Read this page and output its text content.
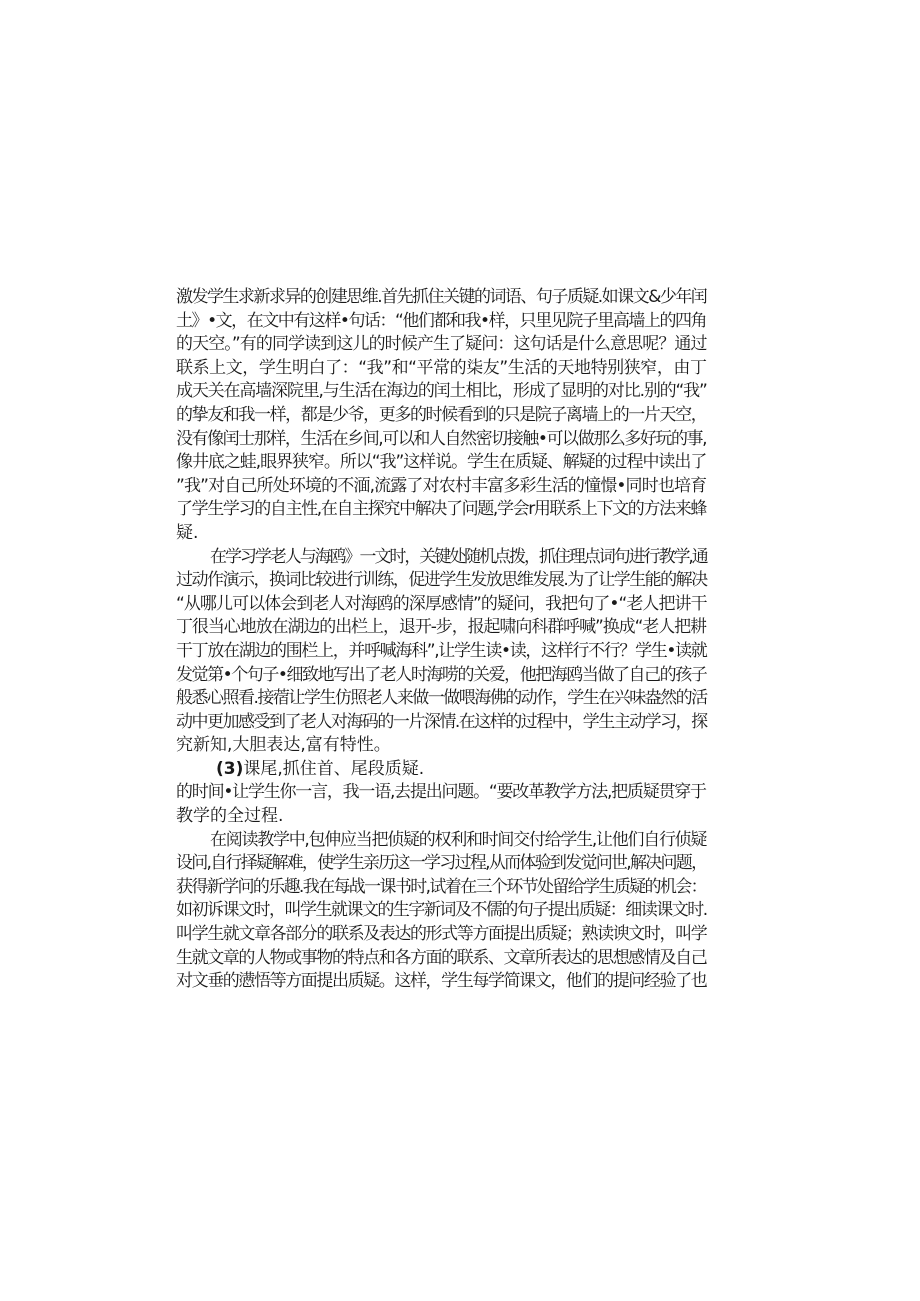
激发学生求新求异的创建思维.首先抓住关键的词语、句子质疑.如课文&少年闰
土》•文，在文中有这样•句话：“他们都和我•样，只里见院子里高墙上的四角
的天空。”有的同学读到这儿的时候产生了疑问：这句话是什么意思呢？通过
联系上文，学生明白了：“我”和“平常的柒友”生活的天地特别狭窄，由丁
成天关在高墙深院里,与生活在海边的闰土相比，形成了显明的对比.别的“我”
的挚友和我一样，都是少爷，更多的时候看到的只是院子离墙上的一片天空，
没有像闰士那样，生活在乡间,可以和人自然密切接触•可以做那么多好玩的事,
像井底之蛙,眼界狭窄。所以“我”这样说。学生在质疑、解疑的过程中读出了
”我”对自己所处环境的不湎,流露了对农村丰富多彩生活的憧憬•同时也培育
了学生学习的自主性,在自主探究中解决了问题,学会r用联系上下文的方法来蜂
疑.
在学习学老人与海鸥》一文时，关键处随机点拨，抓住理点词句进行教学,通
过动作演示，换词比较进行训练，促进学生发放思维发展.为了让学生能的解决
“从哪儿可以体会到老人对海鸥的深厚感情”的疑问，我把句了•“老人把讲干
丁很当心地放在湖边的出栏上，退开-步，报起啸向科群呼喊”换成“老人把耕
干丁放在湖边的围栏上，并呼喊海科”,让学生读•读，这样行不行？学生•读就
发觉第•个句子•细致地写出了老人时海唠的关爱，他把海鸥当做了自己的孩子
般悉心照看.接蓿让学生仿照老人来做一做喂海佛的动作，学生在兴味盎然的活
动中更加感受到了老人对海码的一片深情.在这样的过程中，学生主动学习，探
究新知,大胆表达,富有特性。
(3)课尾,抓住首、尾段质疑.
的时间•让学生你一言，我一语,去提出问题。“要改革教学方法,把质疑贯穿于
教学的全过程.
在阅读教学中,包伸应当把侦疑的权利和时间交付给学生,让他们自行侦疑
设问,自行择疑解难，使学生亲历这一学习过程,从而体验到发觉问世,解决问题，
获得新学问的乐趣.我在每战一课书时,试着在三个环节处留给学生质疑的机会：
如初诉课文时，叫学生就课文的生字新词及不儒的句子提出质疑：细读课文时.
叫学生就文章各部分的联系及表达的形式等方面提出质疑；熟读谀文时，叫学
生就文章的人物或事物的特点和各方面的联系、文章所表达的思想感情及自己
对文垂的懑悟等方面提出质疑。这样，学生每学简课文，他们的提问经验了也
